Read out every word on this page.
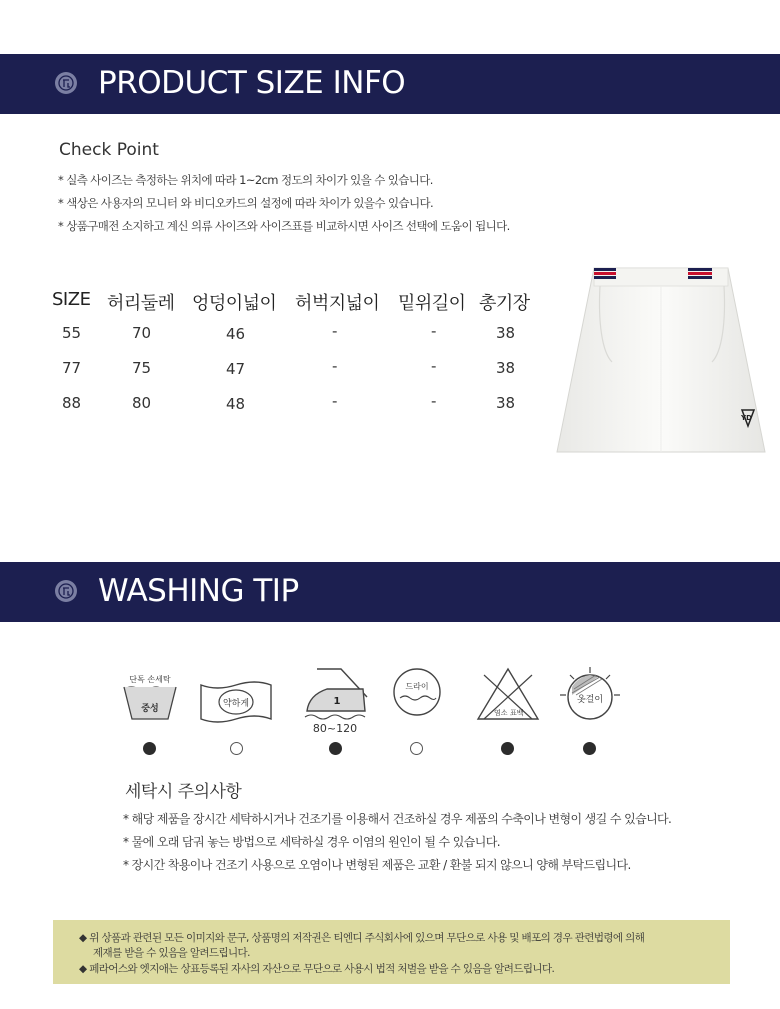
PRODUCT SIZE INFO
Check Point
* 실측 사이즈는 측정하는 위치에 따라 1~2cm 정도의 차이가 있을 수 있습니다.
* 색상은 사용자의 모니터 와 비디오카드의 설정에 따라 차이가 있을수 있습니다.
* 상품구매전 소지하고 계신 의류 사이즈와 사이즈표를 비교하시면 사이즈 선택에 도움이 됩니다.
SIZE 허리둘레 엉덩이넓이 허벅지넓이 밑위길이 총기장
55	70	46	-	-	38
77	75	47	-	-	38
88	80	48	-	-	38
YD
WASHING TIP
단독 손세탁
중성	약하게	1
80~120
드라이
염소 표백
옷걸이
세탁시 주의사항
* 해당 제품을 장시간 세탁하시거나 건조기를 이용해서 건조하실 경우 제품의 수축이나 변형이 생길 수 있습니다.
* 물에 오래 담궈 놓는 방법으로 세탁하실 경우 이염의 원인이 될 수 있습니다.
* 장시간 착용이나 건조기 사용으로 오염이나 변형된 제품은 교환 / 환불 되지 않으니 양해 부탁드립니다.
◆ 위 상품과 관련된 모든 이미지와 문구, 상품명의 저작권은 티엔디 주식회사에 있으며 무단으로 사용 및 배포의 경우 관련법령에 의해
제재를 받을 수 있음을 알려드립니다.
◆ 페라어스와 엣지애는 상표등록된 자사의 자산으로 무단으로 사용시 법적 처벌을 받을 수 있음을 알려드립니다.
